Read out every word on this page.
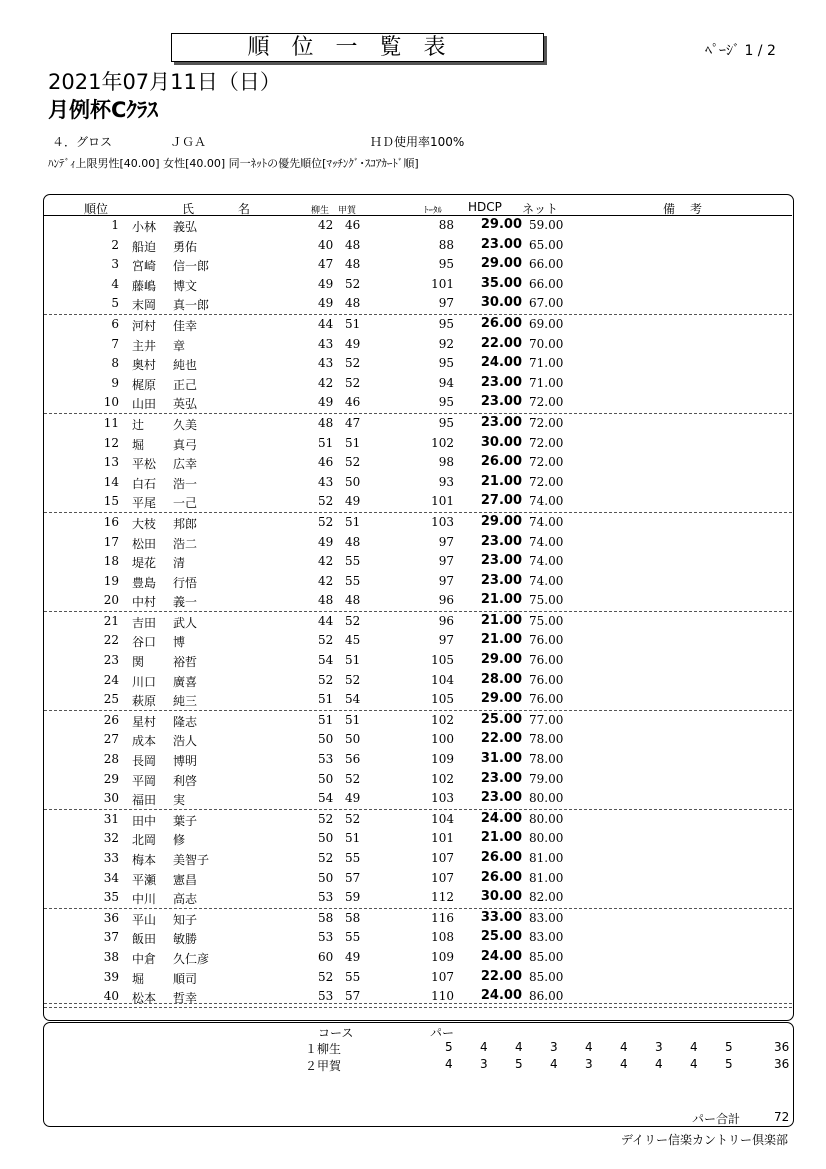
順位一覧表	ﾍﾟｰｼﾞ 1 / 2
2021年07月11日（日）
月例杯Cｸﾗｽ
４．グロス	ＪＧＡ	ＨＤ使用率100%
ﾊﾝﾃﾞｨ上限男性[40.00] 女性[40.00] 同一ﾈｯﾄの優先順位[ﾏｯﾁﾝｸﾞ･ｽｺｱｶｰﾄﾞ順]
順位	氏	名	柳生 甲賀	ﾄｰﾀﾙ HDCP ネット	備 考
1 小林 義弘	42 46	88 29.00 59.00
2 船迫 勇佑	40 48	88 23.00 65.00
3 宮崎 信一郎	47 48	95 29.00 66.00
4 藤嶋 博文	49 52	101 35.00 66.00
5 末岡 真一郎	49 48	97 30.00 67.00
6 河村 佳幸	44 51	95 26.00 69.00
7 主井 章	43 49	92 22.00 70.00
8 奥村 純也	43 52	95 24.00 71.00
9 梶原 正己	42 52	94 23.00 71.00
10 山田 英弘	49 46	95 23.00 72.00
11 辻 久美	48 47	95 23.00 72.00
12 堀 真弓	51 51	102 30.00 72.00
13 平松 広幸	46 52	98 26.00 72.00
14 白石 浩一	43 50	93 21.00 72.00
15 平尾 一己	52 49	101 27.00 74.00
16 大枝 邦郎	52 51	103 29.00 74.00
17 松田 浩二	49 48	97 23.00 74.00
18 堤花 清	42 55	97 23.00 74.00
19 豊島 行悟	42 55	97 23.00 74.00
20 中村 義一	48 48	96 21.00 75.00
21 吉田 武人	44 52	96 21.00 75.00
22 谷口 博	52 45	97 21.00 76.00
23 関 裕哲	54 51	105 29.00 76.00
24 川口 廣喜	52 52	104 28.00 76.00
25 萩原 純三	51 54	105 29.00 76.00
26 星村 隆志	51 51	102 25.00 77.00
27 成本 浩人	50 50	100 22.00 78.00
28 長岡 博明	53 56	109 31.00 78.00
29 平岡 利啓	50 52	102 23.00 79.00
30 福田 実	54 49	103 23.00 80.00
31 田中 葉子	52 52	104 24.00 80.00
32 北岡 修	50 51	101 21.00 80.00
33 梅本 美智子	52 55	107 26.00 81.00
34 平瀬 憲昌	50 57	107 26.00 81.00
35 中川 高志	53 59	112 30.00 82.00
36 平山 知子	58 58	116 33.00 83.00
37 飯田 敏勝	53 55	108 25.00 83.00
38 中倉 久仁彦	60 49	109 24.00 85.00
39 堀 順司	52 55	107 22.00 85.00
40 松本 哲幸	53 57	110 24.00 86.00
コース	パー
１柳生	5 4 4 3 4 4 3 4 5	36
２甲賀	4 3 5 4 3 4 4 4 5	36
パー合計	72
デイリー信楽カントリー倶楽部
